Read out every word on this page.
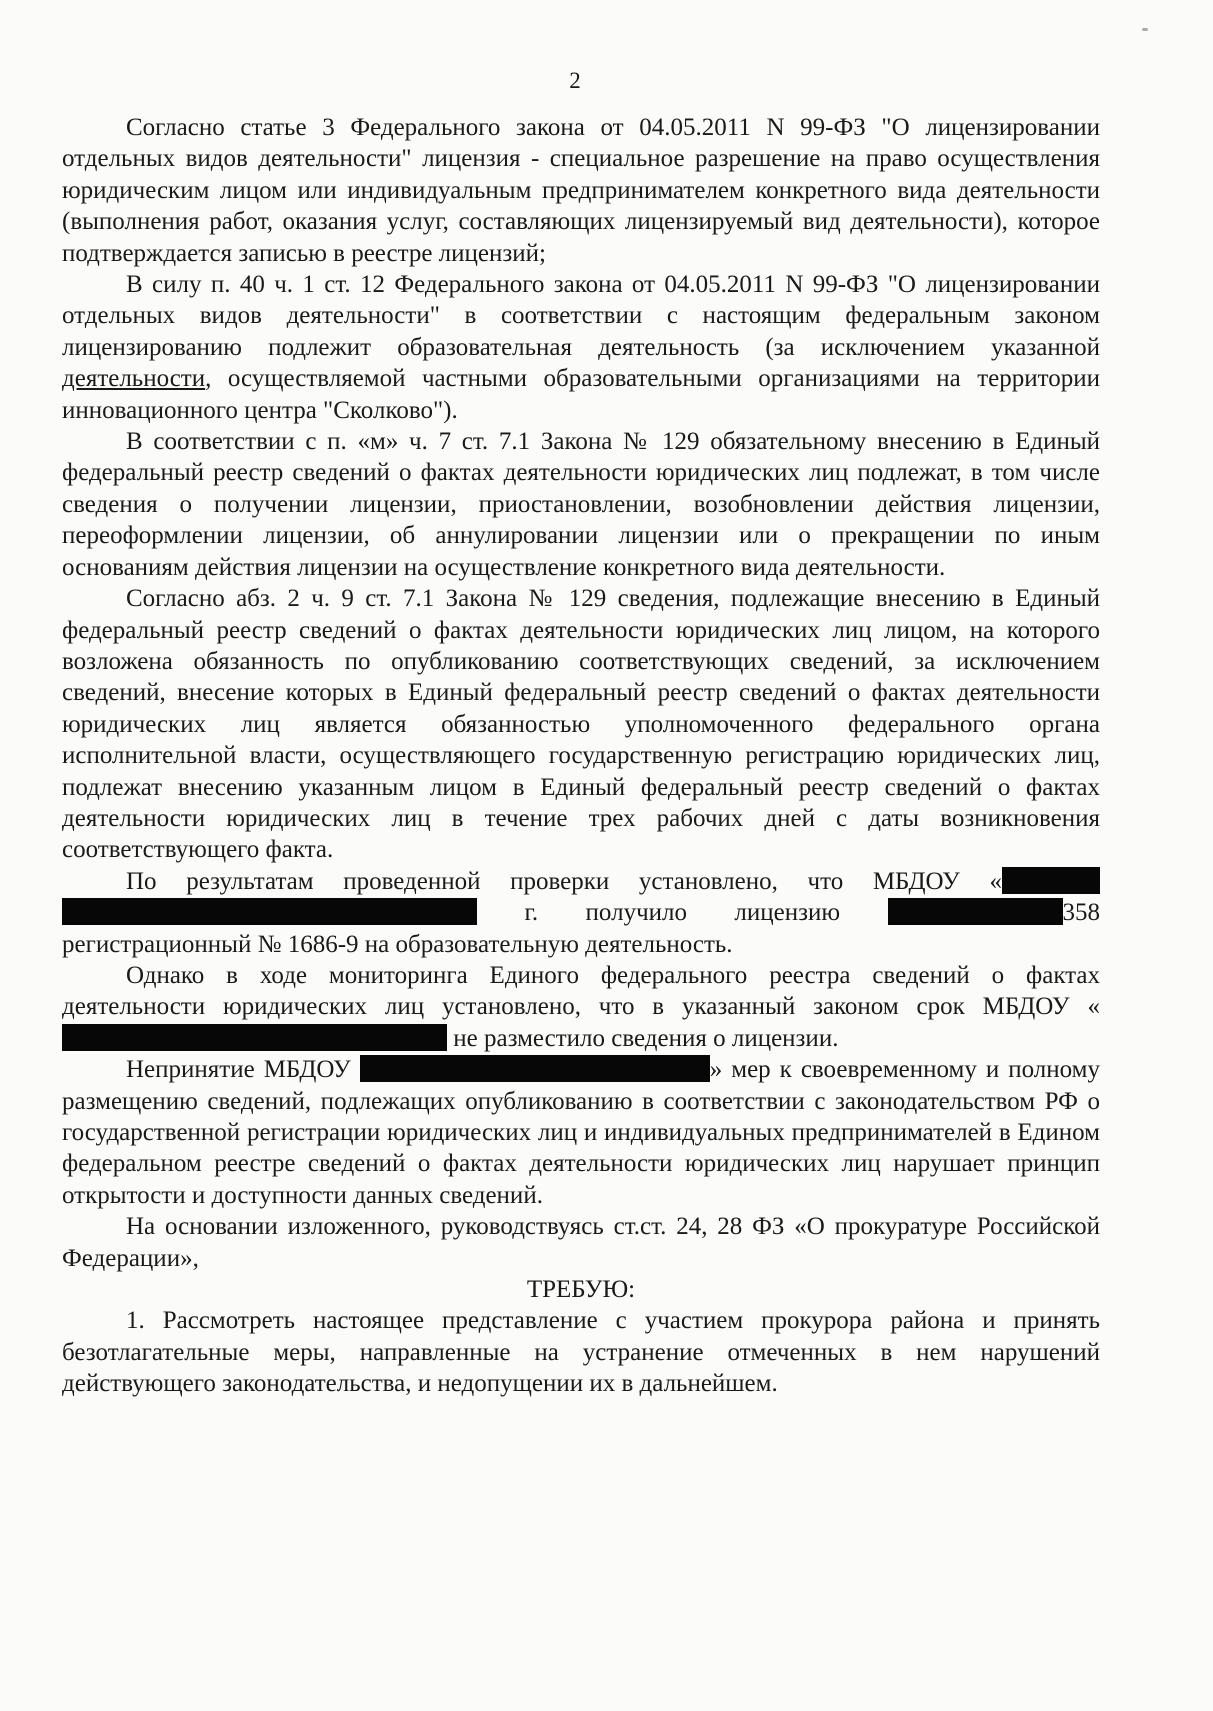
2

Согласно статье 3 Федерального закона от 04.05.2011 N 99-ФЗ "О лицензировании отдельных видов деятельности" лицензия - специальное разрешение на право осуществления юридическим лицом или индивидуальным предпринимателем конкретного вида деятельности (выполнения работ, оказания услуг, составляющих лицензируемый вид деятельности), которое подтверждается записью в реестре лицензий;

В силу п. 40 ч. 1 ст. 12 Федерального закона от 04.05.2011 N 99-ФЗ "О лицензировании отдельных видов деятельности" в соответствии с настоящим федеральным законом лицензированию подлежит образовательная деятельность (за исключением указанной деятельности, осуществляемой частными образовательными организациями на территории инновационного центра "Сколково").

В соответствии с п. «м» ч. 7 ст. 7.1 Закона № 129 обязательному внесению в Единый федеральный реестр сведений о фактах деятельности юридических лиц подлежат, в том числе сведения о получении лицензии, приостановлении, возобновлении действия лицензии, переоформлении лицензии, об аннулировании лицензии или о прекращении по иным основаниям действия лицензии на осуществление конкретного вида деятельности.

Согласно абз. 2 ч. 9 ст. 7.1 Закона № 129 сведения, подлежащие внесению в Единый федеральный реестр сведений о фактах деятельности юридических лиц лицом, на которого возложена обязанность по опубликованию соответствующих сведений, за исключением сведений, внесение которых в Единый федеральный реестр сведений о фактах деятельности юридических лиц является обязанностью уполномоченного федерального органа исполнительной власти, осуществляющего государственную регистрацию юридических лиц, подлежат внесению указанным лицом в Единый федеральный реестр сведений о фактах деятельности юридических лиц в течение трех рабочих дней с даты возникновения соответствующего факта.

По результатам проведенной проверки установлено, что МБДОУ «  г. получило лицензию	358 регистрационный № 1686-9 на образовательную деятельность.

Однако в ходе мониторинга Единого федерального реестра сведений о фактах деятельности юридических лиц установлено, что в указанный законом срок МБДОУ « не разместило сведения о лицензии.

Непринятие МБДОУ	» мер к своевременному и полному размещению сведений, подлежащих опубликованию в соответствии с законодательством РФ о государственной регистрации юридических лиц и индивидуальных предпринимателей в Едином федеральном реестре сведений о фактах деятельности юридических лиц нарушает принцип открытости и доступности данных сведений.

На основании изложенного, руководствуясь ст.ст. 24, 28 ФЗ «О прокуратуре Российской Федерации»,

ТРЕБУЮ:

1. Рассмотреть настоящее представление с участием прокурора района и принять безотлагательные меры, направленные на устранение отмеченных в нем нарушений действующего законодательства, и недопущении их в дальнейшем.
